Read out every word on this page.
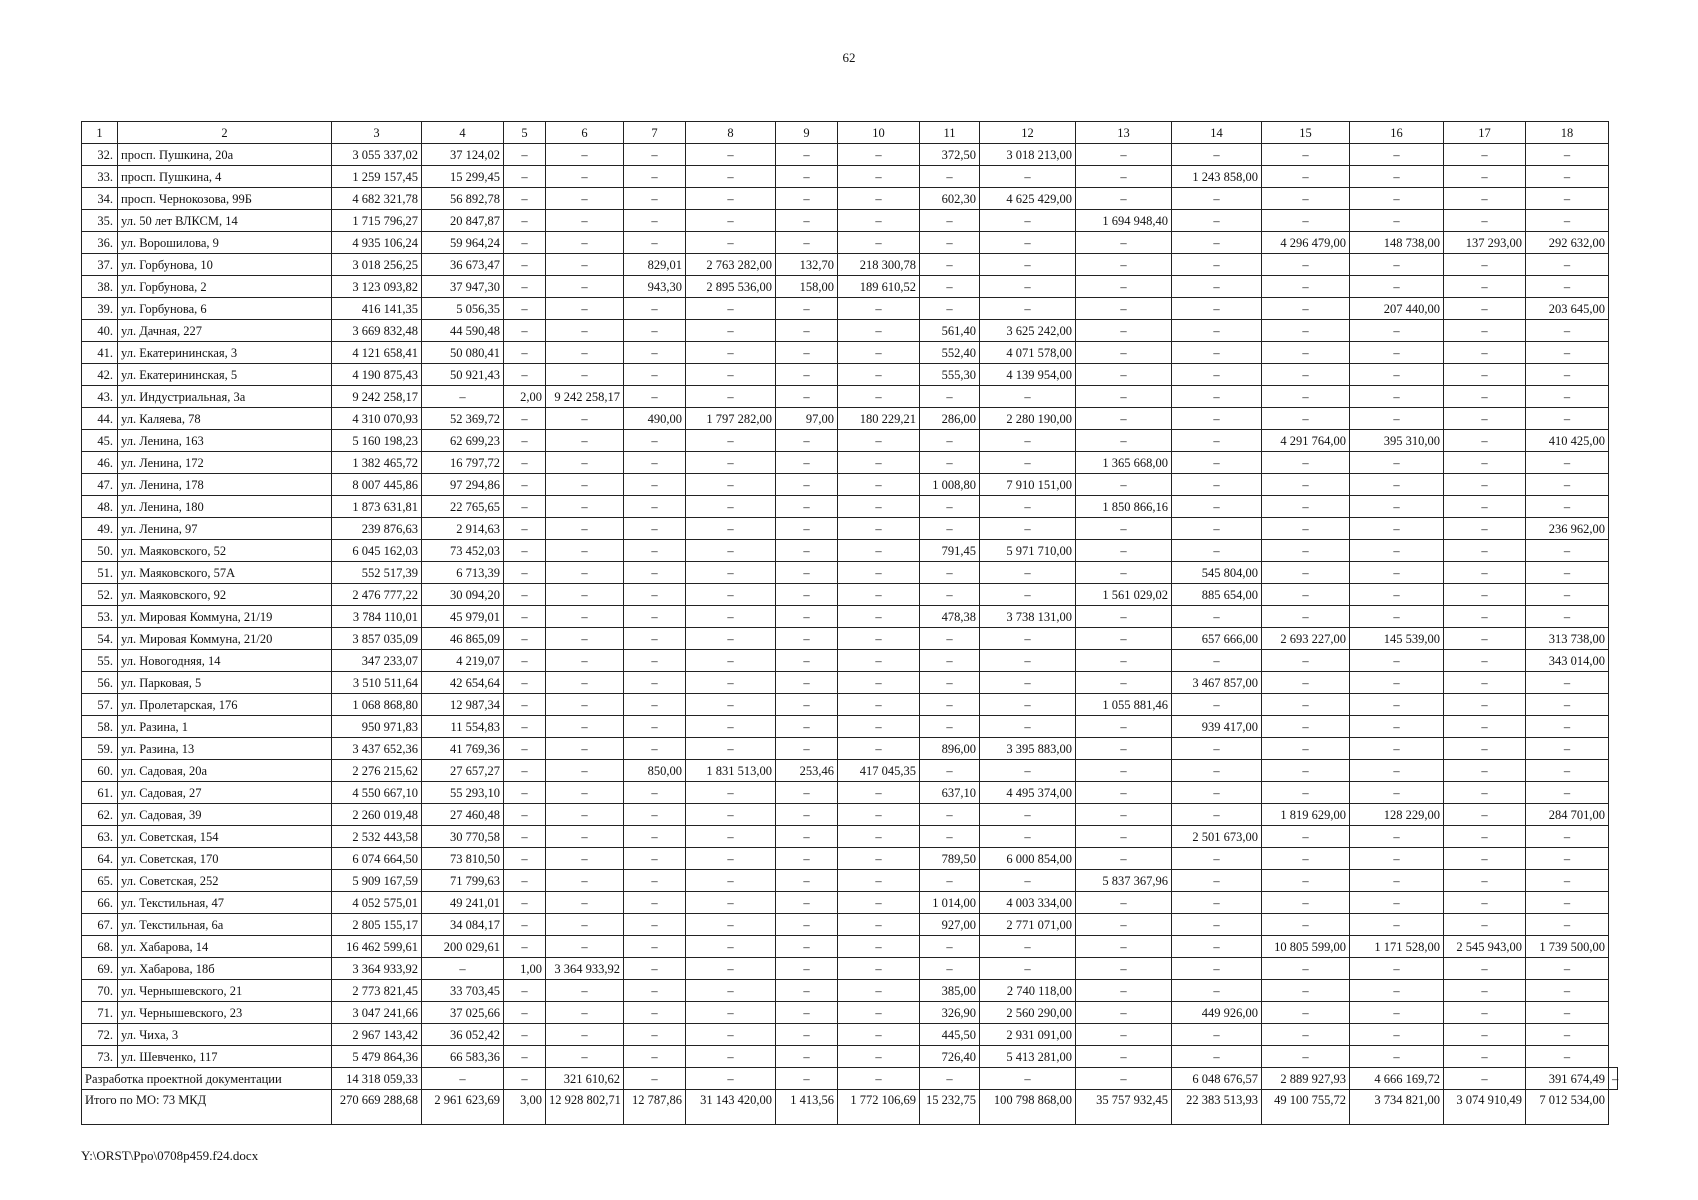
62
1	2	3	4	5	6	7	8	9	10	11	12	13	14	15	16	17	18	
32.	просп. Пушкина, 20а	3 055 337,02	37 124,02	–	–	–	–	–	–	372,50	3 018 213,00	–	–	–	–	–	–	
33.	просп. Пушкина, 4	1 259 157,45	15 299,45	–	–	–	–	–	–	–	–	–	1 243 858,00	–	–	–	–	
34.	просп. Чернокозова, 99Б	4 682 321,78	56 892,78	–	–	–	–	–	–	602,30	4 625 429,00	–	–	–	–	–	–	
35.	ул. 50 лет ВЛКСМ, 14	1 715 796,27	20 847,87	–	–	–	–	–	–	–	–	1 694 948,40	–	–	–	–	–	
36.	ул. Ворошилова, 9	4 935 106,24	59 964,24	–	–	–	–	–	–	–	–	–	–	4 296 479,00	148 738,00	137 293,00	292 632,00	
37.	ул. Горбунова, 10	3 018 256,25	36 673,47	–	–	829,01	2 763 282,00	132,70	218 300,78	–	–	–	–	–	–	–	–	
38.	ул. Горбунова, 2	3 123 093,82	37 947,30	–	–	943,30	2 895 536,00	158,00	189 610,52	–	–	–	–	–	–	–	–	
39.	ул. Горбунова, 6	416 141,35	5 056,35	–	–	–	–	–	–	–	–	–	–	–	207 440,00	–	203 645,00	
40.	ул. Дачная, 227	3 669 832,48	44 590,48	–	–	–	–	–	–	561,40	3 625 242,00	–	–	–	–	–	–	
41.	ул. Екатерининская, 3	4 121 658,41	50 080,41	–	–	–	–	–	–	552,40	4 071 578,00	–	–	–	–	–	–	
42.	ул. Екатерининская, 5	4 190 875,43	50 921,43	–	–	–	–	–	–	555,30	4 139 954,00	–	–	–	–	–	–	
43.	ул. Индустриальная, 3а	9 242 258,17	–	2,00	9 242 258,17	–	–	–	–	–	–	–	–	–	–	–	–	
44.	ул. Каляева, 78	4 310 070,93	52 369,72	–	–	490,00	1 797 282,00	97,00	180 229,21	286,00	2 280 190,00	–	–	–	–	–	–	
45.	ул. Ленина, 163	5 160 198,23	62 699,23	–	–	–	–	–	–	–	–	–	–	4 291 764,00	395 310,00	–	410 425,00	
46.	ул. Ленина, 172	1 382 465,72	16 797,72	–	–	–	–	–	–	–	–	1 365 668,00	–	–	–	–	–	
47.	ул. Ленина, 178	8 007 445,86	97 294,86	–	–	–	–	–	–	1 008,80	7 910 151,00	–	–	–	–	–	–	
48.	ул. Ленина, 180	1 873 631,81	22 765,65	–	–	–	–	–	–	–	–	1 850 866,16	–	–	–	–	–	
49.	ул. Ленина, 97	239 876,63	2 914,63	–	–	–	–	–	–	–	–	–	–	–	–	–	236 962,00	
50.	ул. Маяковского, 52	6 045 162,03	73 452,03	–	–	–	–	–	–	791,45	5 971 710,00	–	–	–	–	–	–	
51.	ул. Маяковского, 57А	552 517,39	6 713,39	–	–	–	–	–	–	–	–	–	545 804,00	–	–	–	–	
52.	ул. Маяковского, 92	2 476 777,22	30 094,20	–	–	–	–	–	–	–	–	1 561 029,02	885 654,00	–	–	–	–	
53.	ул. Мировая Коммуна, 21/19	3 784 110,01	45 979,01	–	–	–	–	–	–	478,38	3 738 131,00	–	–	–	–	–	–	
54.	ул. Мировая Коммуна, 21/20	3 857 035,09	46 865,09	–	–	–	–	–	–	–	–	–	657 666,00	2 693 227,00	145 539,00	–	313 738,00	
55.	ул. Новогодняя, 14	347 233,07	4 219,07	–	–	–	–	–	–	–	–	–	–	–	–	–	343 014,00	
56.	ул. Парковая, 5	3 510 511,64	42 654,64	–	–	–	–	–	–	–	–	–	3 467 857,00	–	–	–	–	
57.	ул. Пролетарская, 176	1 068 868,80	12 987,34	–	–	–	–	–	–	–	–	1 055 881,46	–	–	–	–	–	
58.	ул. Разина, 1	950 971,83	11 554,83	–	–	–	–	–	–	–	–	–	939 417,00	–	–	–	–	
59.	ул. Разина, 13	3 437 652,36	41 769,36	–	–	–	–	–	–	896,00	3 395 883,00	–	–	–	–	–	–	
60.	ул. Садовая, 20а	2 276 215,62	27 657,27	–	–	850,00	1 831 513,00	253,46	417 045,35	–	–	–	–	–	–	–	–	
61.	ул. Садовая, 27	4 550 667,10	55 293,10	–	–	–	–	–	–	637,10	4 495 374,00	–	–	–	–	–	–	
62.	ул. Садовая, 39	2 260 019,48	27 460,48	–	–	–	–	–	–	–	–	–	–	1 819 629,00	128 229,00	–	284 701,00	
63.	ул. Советская, 154	2 532 443,58	30 770,58	–	–	–	–	–	–	–	–	–	2 501 673,00	–	–	–	–	
64.	ул. Советская, 170	6 074 664,50	73 810,50	–	–	–	–	–	–	789,50	6 000 854,00	–	–	–	–	–	–	
65.	ул. Советская, 252	5 909 167,59	71 799,63	–	–	–	–	–	–	–	–	5 837 367,96	–	–	–	–	–	
66.	ул. Текстильная, 47	4 052 575,01	49 241,01	–	–	–	–	–	–	1 014,00	4 003 334,00	–	–	–	–	–	–	
67.	ул. Текстильная, 6а	2 805 155,17	34 084,17	–	–	–	–	–	–	927,00	2 771 071,00	–	–	–	–	–	–	
68.	ул. Хабарова, 14	16 462 599,61	200 029,61	–	–	–	–	–	–	–	–	–	–	10 805 599,00	1 171 528,00	2 545 943,00	1 739 500,00	
69.	ул. Хабарова, 18б	3 364 933,92	–	1,00	3 364 933,92	–	–	–	–	–	–	–	–	–	–	–	–	
70.	ул. Чернышевского, 21	2 773 821,45	33 703,45	–	–	–	–	–	–	385,00	2 740 118,00	–	–	–	–	–	–	
71.	ул. Чернышевского, 23	3 047 241,66	37 025,66	–	–	–	–	–	–	326,90	2 560 290,00	–	449 926,00	–	–	–	–	
72.	ул. Чиха, 3	2 967 143,42	36 052,42	–	–	–	–	–	–	445,50	2 931 091,00	–	–	–	–	–	–	
73.	ул. Шевченко, 117	5 479 864,36	66 583,36	–	–	–	–	–	–	726,40	5 413 281,00	–	–	–	–	–	–	
Разработка проектной документации		14 318 059,33	–	–	321 610,62	–	–	–	–	–	–	–	6 048 676,57	2 889 927,93	4 666 169,72	–	391 674,49	–
Итого по МО: 73 МКД		270 669 288,68	2 961 623,69	3,00	12 928 802,71	12 787,86	31 143 420,00	1 413,56	1 772 106,69	15 232,75	100 798 868,00	35 757 932,45	22 383 513,93	49 100 755,72	3 734 821,00	3 074 910,49	7 012 534,00	
Y:\ORST\Ppo\0708p459.f24.docx
